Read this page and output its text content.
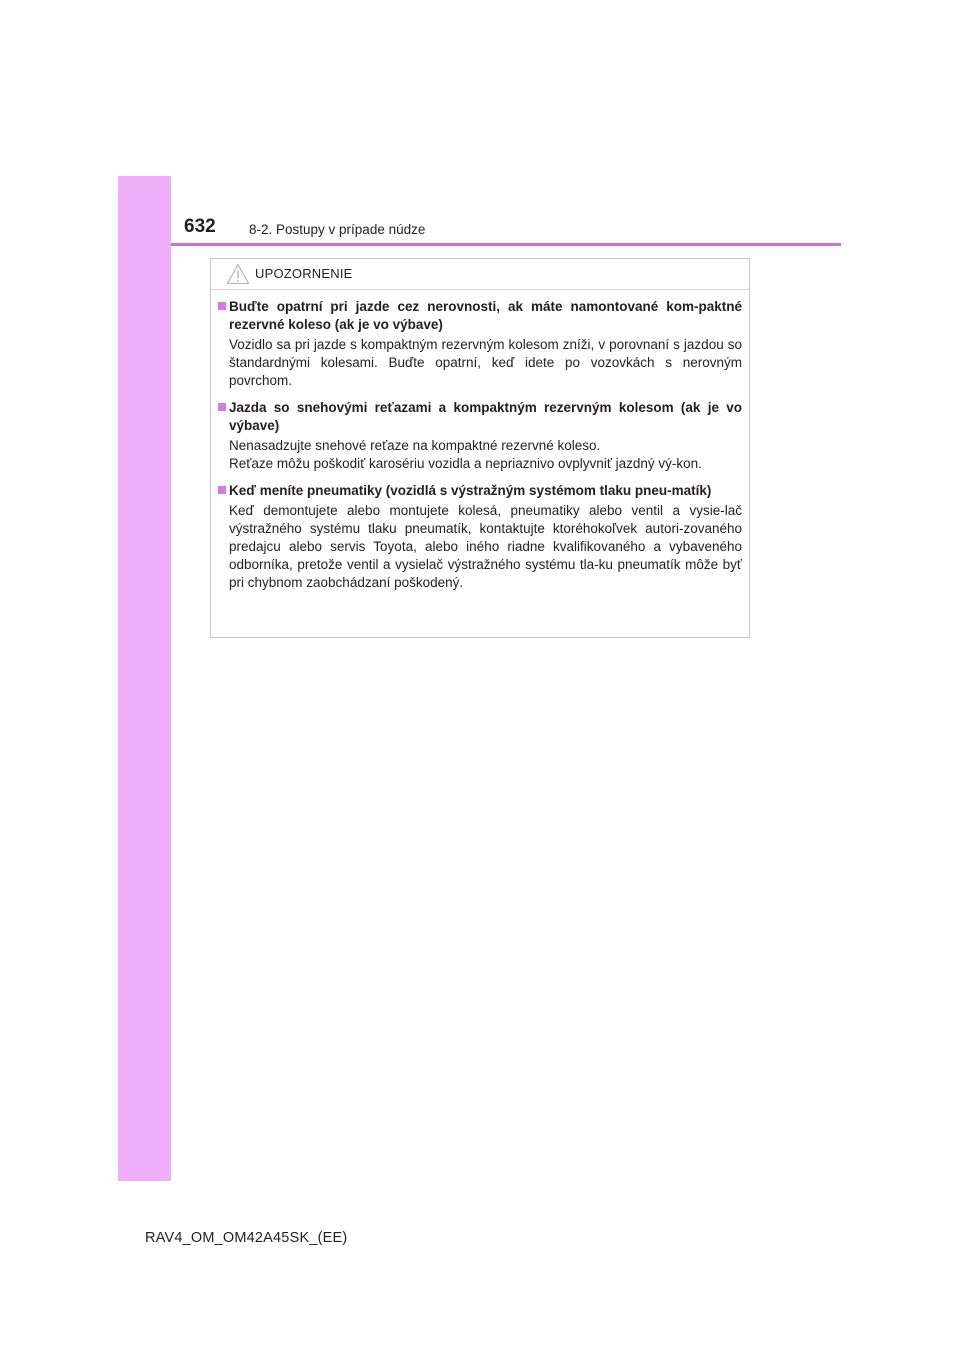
632 8-2. Postupy v prípade núdze
UPOZORNENIE

Buďte opatrní pri jazde cez nerovnosti, ak máte namontované kom-paktné rezervné koleso (ak je vo výbave)

Vozidlo sa pri jazde s kompaktným rezervným kolesom zníži, v porovnaní s jazdou so štandardnými kolesami. Buďte opatrní, keď idete po vozovkách s nerovným povrchom.

Jazda so snehovými reťazami a kompaktným rezervným kolesom (ak je vo výbave)

Nenasadzujte snehové reťaze na kompaktné rezervné koleso.

Reťaze môžu poškodiť karosériu vozidla a nepriaznivo ovplyvniť jazdný vý-kon.

Keď meníte pneumatiky (vozidlá s výstražným systémom tlaku pneu-matík)

Keď demontujete alebo montujete kolesá, pneumatiky alebo ventil a vysie-lač výstražného systému tlaku pneumatík, kontaktujte ktoréhokoľvek autori-zovaného predajcu alebo servis Toyota, alebo iného riadne kvalifikovaného a vybaveného odborníka, pretože ventil a vysielač výstražného systému tla-ku pneumatík môže byť pri chybnom zaobchádzaní poškodený.

RAV4_OM_OM42A45SK_(EE)
